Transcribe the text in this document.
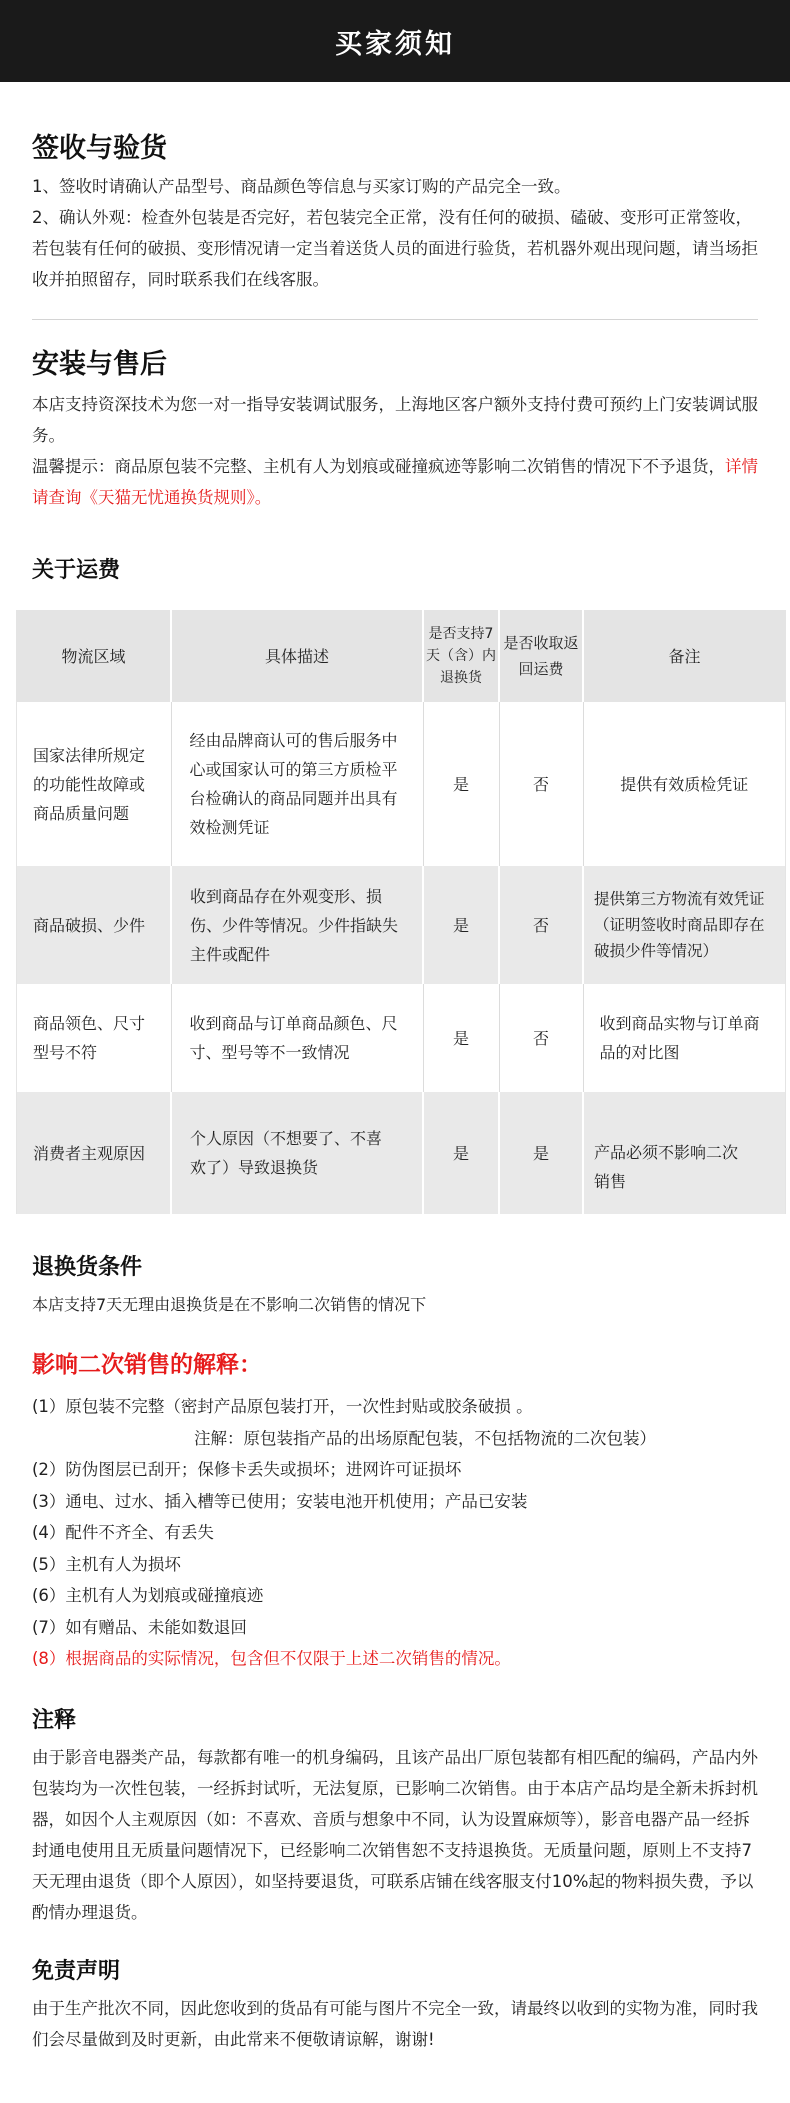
买家须知
签收与验货

1、签收时请确认产品型号、商品颜色等信息与买家订购的产品完全一致。

2、确认外观：检查外包装是否完好，若包装完全正常，没有任何的破损、磕破、变形可正常签收，若包装有任何的破损、变形情况请一定当着送货人员的面进行验货，若机器外观出现问题，请当场拒收并拍照留存，同时联系我们在线客服。

安装与售后

本店支持资深技术为您一对一指导安装调试服务，上海地区客户额外支持付费可预约上门安装调试服务。

温馨提示：商品原包装不完整、主机有人为划痕或碰撞疯迹等影响二次销售的情况下不予退货，详情请查询《天猫无忧通换货规则》。

关于运费
物流区域	具体描述	是否支持7天（含）内退换货	是否收取返回运费	备注
国家法律所规定的功能性故障或商品质量问题	经由品牌商认可的售后服务中心或国家认可的第三方质检平台检确认的商品同题并出具有效检测凭证	是	否	提供有效质检凭证
商品破损、少件	收到商品存在外观变形、损伤、少件等情况。少件指缺失主件或配件	是	否	提供第三方物流有效凭证（证明签收时商品即存在破损少件等情况）
商品领色、尺寸型号不符	收到商品与订单商品颜色、尺寸、型号等不一致情况	是	否	收到商品实物与订单商品的对比图
消费者主观原因	个人原因（不想要了、不喜欢了）导致退换货	是	是	产品必须不影响二次销售
退换货条件

本店支持7天无理由退换货是在不影响二次销售的情况下

影响二次销售的解释：

(1）原包装不完整（密封产品原包装打开，一次性封贴或胶条破损 。

注解：原包装指产品的出场原配包装，不包括物流的二次包装）

(2）防伪图层已刮开；保修卡丢失或损坏；进网许可证损坏

(3）通电、过水、插入槽等已使用；安装电池开机使用；产品已安装

(4）配件不齐全、有丢失

(5）主机有人为损坏

(6）主机有人为划痕或碰撞痕迹

(7）如有赠品、未能如数退回

(8）根据商品的实际情况，包含但不仅限于上述二次销售的情况。

注释

由于影音电器类产品，每款都有唯一的机身编码，且该产品出厂原包装都有相匹配的编码，产品内外包装均为一次性包装，一经拆封试听，无法复原，已影响二次销售。由于本店产品均是全新未拆封机器，如因个人主观原因（如：不喜欢、音质与想象中不同，认为设置麻烦等），影音电器产品一经拆封通电使用且无质量问题情况下，已经影响二次销售恕不支持退换货。无质量问题，原则上不支持7天无理由退货（即个人原因），如坚持要退货，可联系店铺在线客服支付10%起的物料损失费，予以酌情办理退货。

免责声明

由于生产批次不同，因此您收到的货品有可能与图片不完全一致，请最终以收到的实物为准，同时我们会尽量做到及时更新，由此常来不便敬请谅解，谢谢!
